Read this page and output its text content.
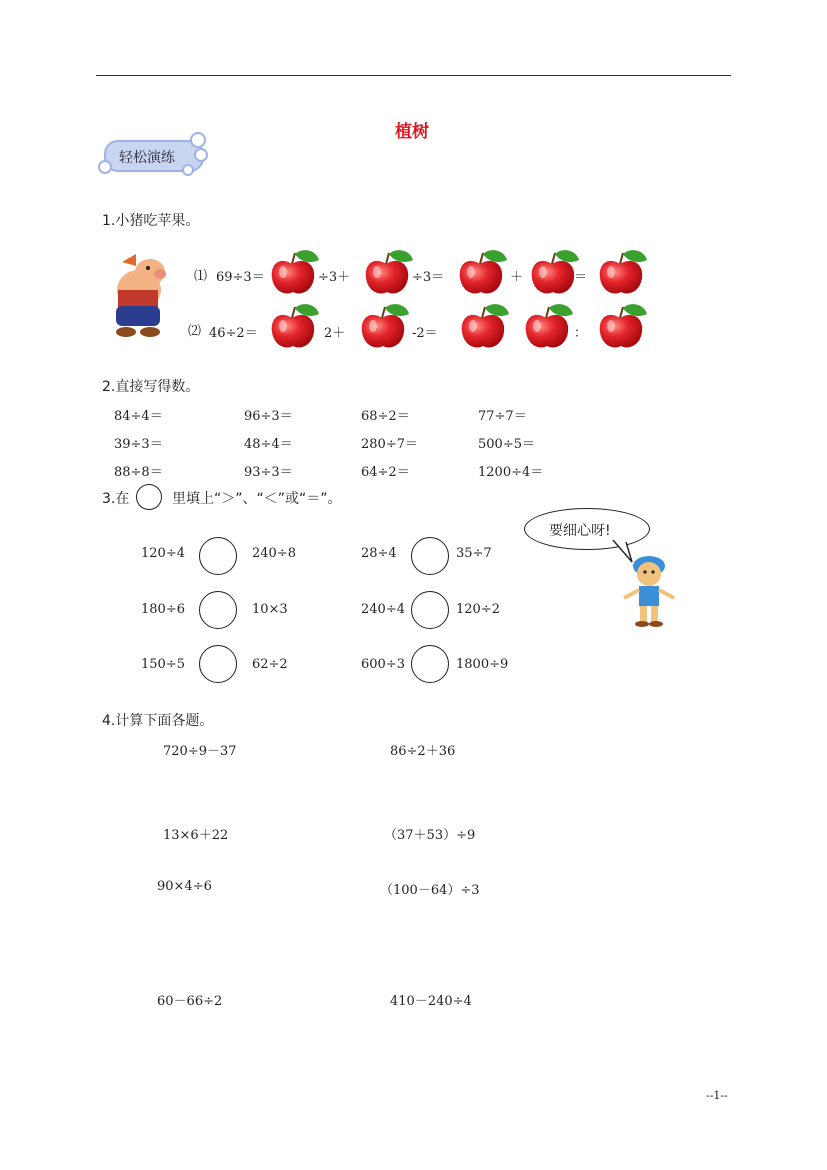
植树
轻松演练
1.小猪吃苹果。
⑴ 69÷3＝	÷3＋	÷3＝	＋	＝
⑵ 46÷2＝	2＋	-2＝	：
2.直接写得数。
84÷4＝	96÷3＝	68÷2＝	77÷7＝
39÷3＝	48÷4＝	280÷7＝	500÷5＝
88÷8＝	93÷3＝	64÷2＝	1200÷4＝
3.在	里填上“＞”、“＜”或“＝”。
要细心呀!
120÷4	240÷8	28÷4	35÷7
180÷6	10×3	240÷4	120÷2
150÷5	62÷2	600÷3	1800÷9
4.计算下面各题。
720÷9－37	86÷2＋36
13×6＋22	（37＋53）÷9
90×4÷6	（100－64）÷3
60－66÷2	410－240÷4
--1--
